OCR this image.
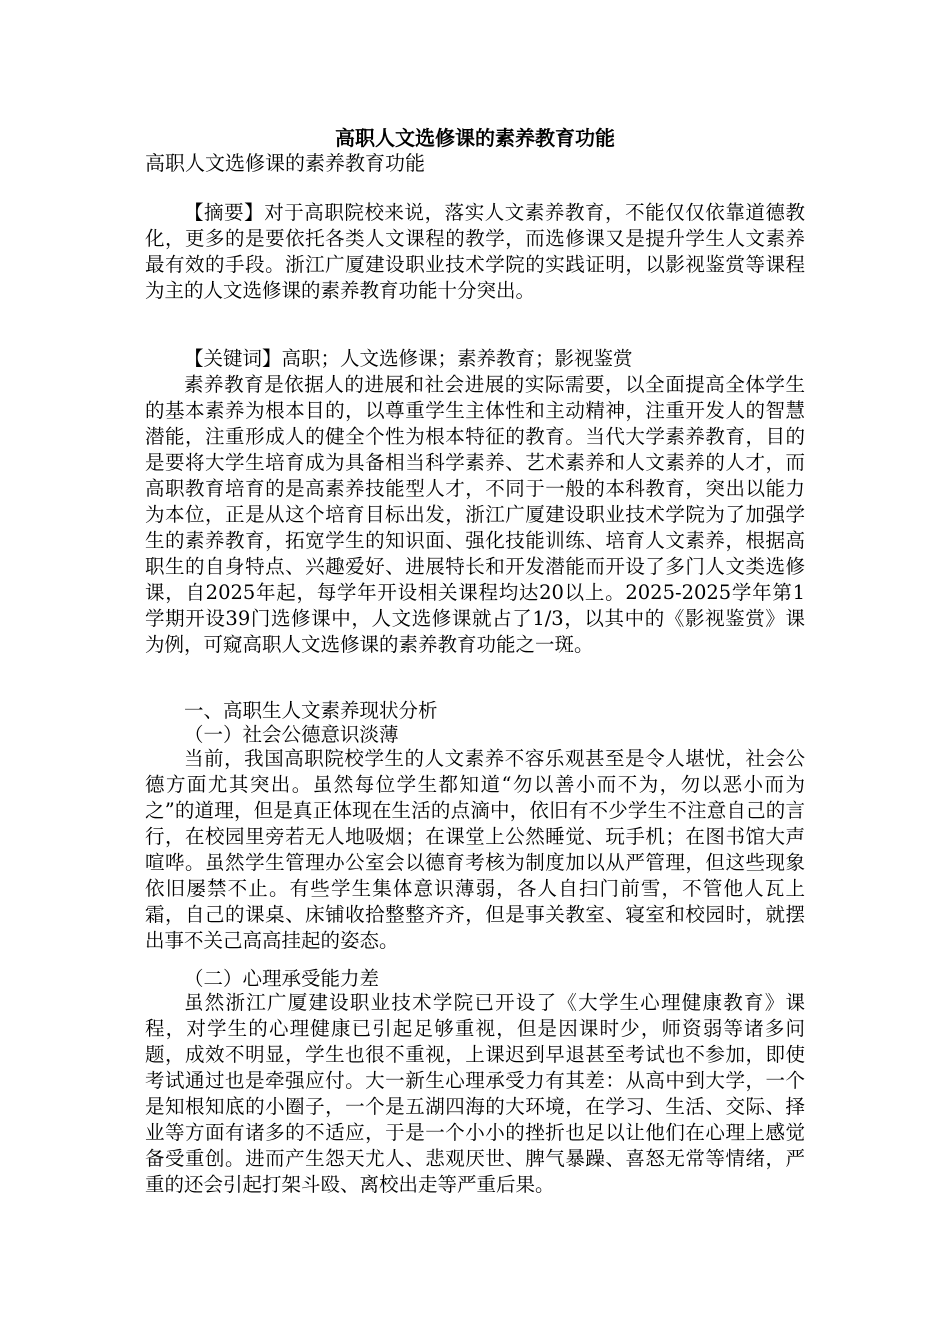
高职人文选修课的素养教育功能

高职人文选修课的素养教育功能

【摘要】对于高职院校来说，落实人文素养教育，不能仅仅依靠道德教化，更多的是要依托各类人文课程的教学，而选修课又是提升学生人文素养最有效的手段。浙江广厦建设职业技术学院的实践证明，以影视鉴赏等课程为主的人文选修课的素养教育功能十分突出。

【关键词】高职；人文选修课；素养教育；影视鉴赏

素养教育是依据人的进展和社会进展的实际需要，以全面提高全体学生的基本素养为根本目的，以尊重学生主体性和主动精神，注重开发人的智慧潜能，注重形成人的健全个性为根本特征的教育。当代大学素养教育，目的是要将大学生培育成为具备相当科学素养、艺术素养和人文素养的人才，而高职教育培育的是高素养技能型人才，不同于一般的本科教育，突出以能力为本位，正是从这个培育目标出发，浙江广厦建设职业技术学院为了加强学生的素养教育，拓宽学生的知识面、强化技能训练、培育人文素养，根据高职生的自身特点、兴趣爱好、进展特长和开发潜能而开设了多门人文类选修课，自2025年起，每学年开设相关课程均达20以上。2025-2025学年第1学期开设39门选修课中，人文选修课就占了1/3，以其中的《影视鉴赏》课为例，可窥高职人文选修课的素养教育功能之一斑。

一、高职生人文素养现状分析

（一）社会公德意识淡薄

当前，我国高职院校学生的人文素养不容乐观甚至是令人堪忧，社会公德方面尤其突出。虽然每位学生都知道“勿以善小而不为，勿以恶小而为之”的道理，但是真正体现在生活的点滴中，依旧有不少学生不注意自己的言行，在校园里旁若无人地吸烟；在课堂上公然睡觉、玩手机；在图书馆大声喧哗。虽然学生管理办公室会以德育考核为制度加以从严管理，但这些现象依旧屡禁不止。有些学生集体意识薄弱，各人自扫门前雪，不管他人瓦上霜，自己的课桌、床铺收拾整整齐齐，但是事关教室、寝室和校园时，就摆出事不关己高高挂起的姿态。

（二）心理承受能力差

虽然浙江广厦建设职业技术学院已开设了《大学生心理健康教育》课程，对学生的心理健康已引起足够重视，但是因课时少，师资弱等诸多问题，成效不明显，学生也很不重视，上课迟到早退甚至考试也不参加，即使考试通过也是牵强应付。大一新生心理承受力有其差：从高中到大学，一个是知根知底的小圈子，一个是五湖四海的大环境，在学习、生活、交际、择业等方面有诸多的不适应，于是一个小小的挫折也足以让他们在心理上感觉备受重创。进而产生怨天尤人、悲观厌世、脾气暴躁、喜怒无常等情绪，严重的还会引起打架斗殴、离校出走等严重后果。
